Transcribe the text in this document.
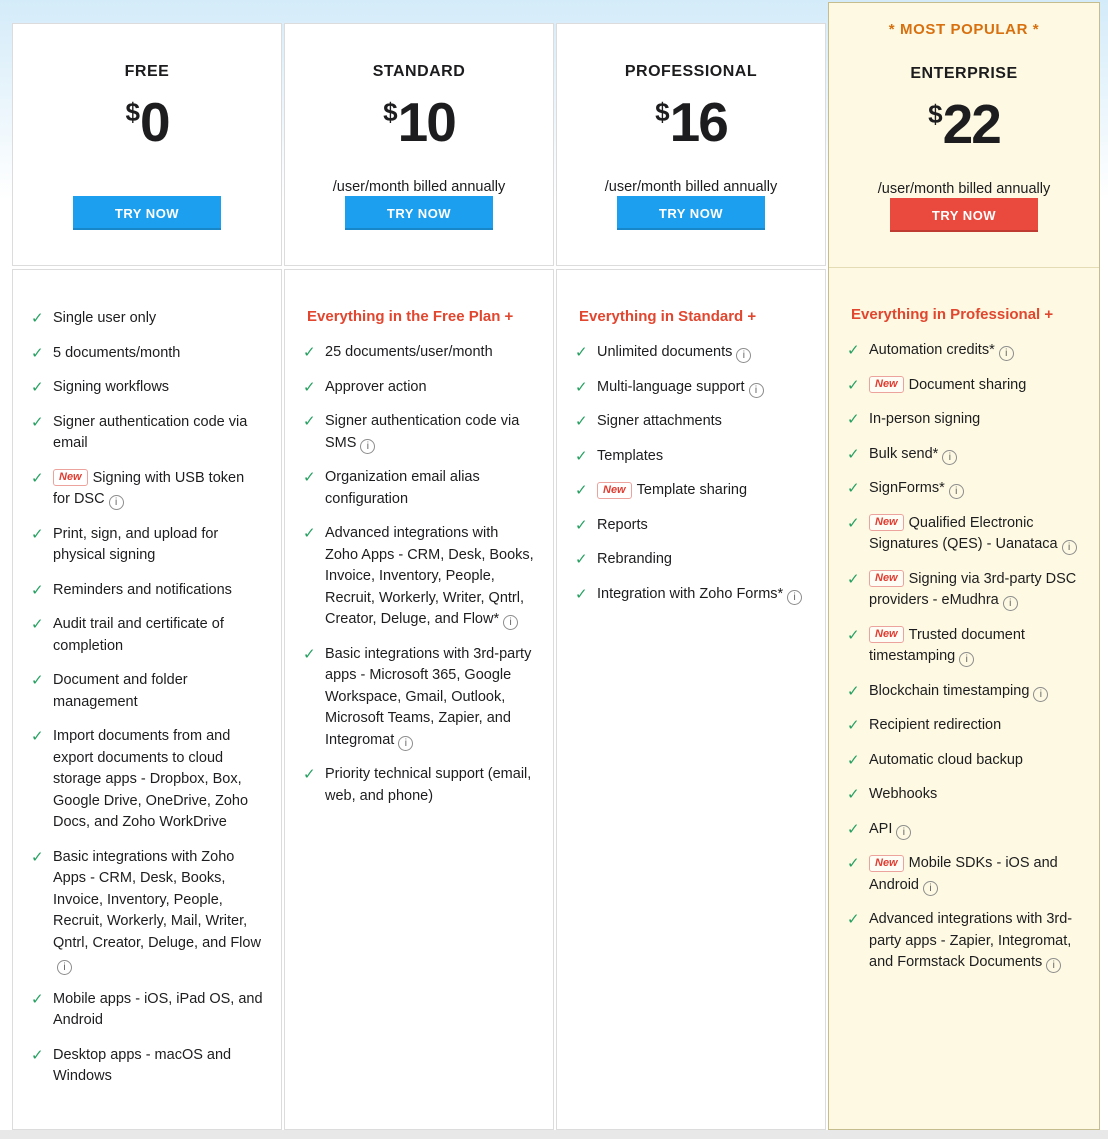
FREE
$ 0
TRY NOW
✓ Single user only
✓ 5 documents/month
✓ Signing workflows
✓ Signer authentication code via email
✓	New Signing with USB token for DSC i
✓ Print, sign, and upload for physical signing
✓ Reminders and notifications
✓ Audit trail and certificate of completion
✓ Document and folder management
✓ Import documents from and export documents to cloud storage apps - Dropbox, Box, Google Drive, OneDrive, Zoho Docs, and Zoho WorkDrive
✓ Basic integrations with Zoho Apps - CRM, Desk, Books, Invoice, Inventory, People, Recruit, Workerly, Mail, Writer, Qntrl, Creator, Deluge, and Flowi
✓ Mobile apps - iOS, iPad OS, and Android
✓ Desktop apps - macOS and Windows
STANDARD
$ 10
/user/month billed annually
TRY NOW
Everything in the Free Plan +
✓ 25 documents/user/month
✓ Approver action
✓ Signer authentication code via SMS i
✓ Organization email alias configuration
✓ Advanced integrations with Zoho Apps - CRM, Desk, Books, Invoice, Inventory, People, Recruit, Workerly, Writer, Qntrl, Creator, Deluge, and Flow* i
✓ Basic integrations with 3rd-party apps - Microsoft 365, Google Workspace, Gmail, Outlook, Microsoft Teams, Zapier, and Integromat i
✓ Priority technical support (email, web, and phone)
PROFESSIONAL
$ 16
/user/month billed annually
TRY NOW
Everything in Standard +
✓ Unlimited documents i
✓ Multi-language support i
✓ Signer attachments
✓ Templates
✓	New Template sharing
✓ Reports
✓ Rebranding
✓ Integration with Zoho Forms* i
* MOST POPULAR *
ENTERPRISE
$ 22
/user/month billed annually
TRY NOW
Everything in Professional +
✓ Automation credits* i
✓	New Document sharing
✓ In-person signing
✓ Bulk send* i
✓ SignForms* i
✓	New Qualified Electronic Signatures (QES) - Uanataca i
✓	New Signing via 3rd-party DSC providers - eMudhra i
✓	New Trusted document timestamping i
✓ Blockchain timestamping i
✓ Recipient redirection
✓ Automatic cloud backup
✓ Webhooks
✓ API i
✓	New Mobile SDKs - iOS and Android i
✓ Advanced integrations with 3rd-party apps - Zapier, Integromat, and Formstack Documents i
